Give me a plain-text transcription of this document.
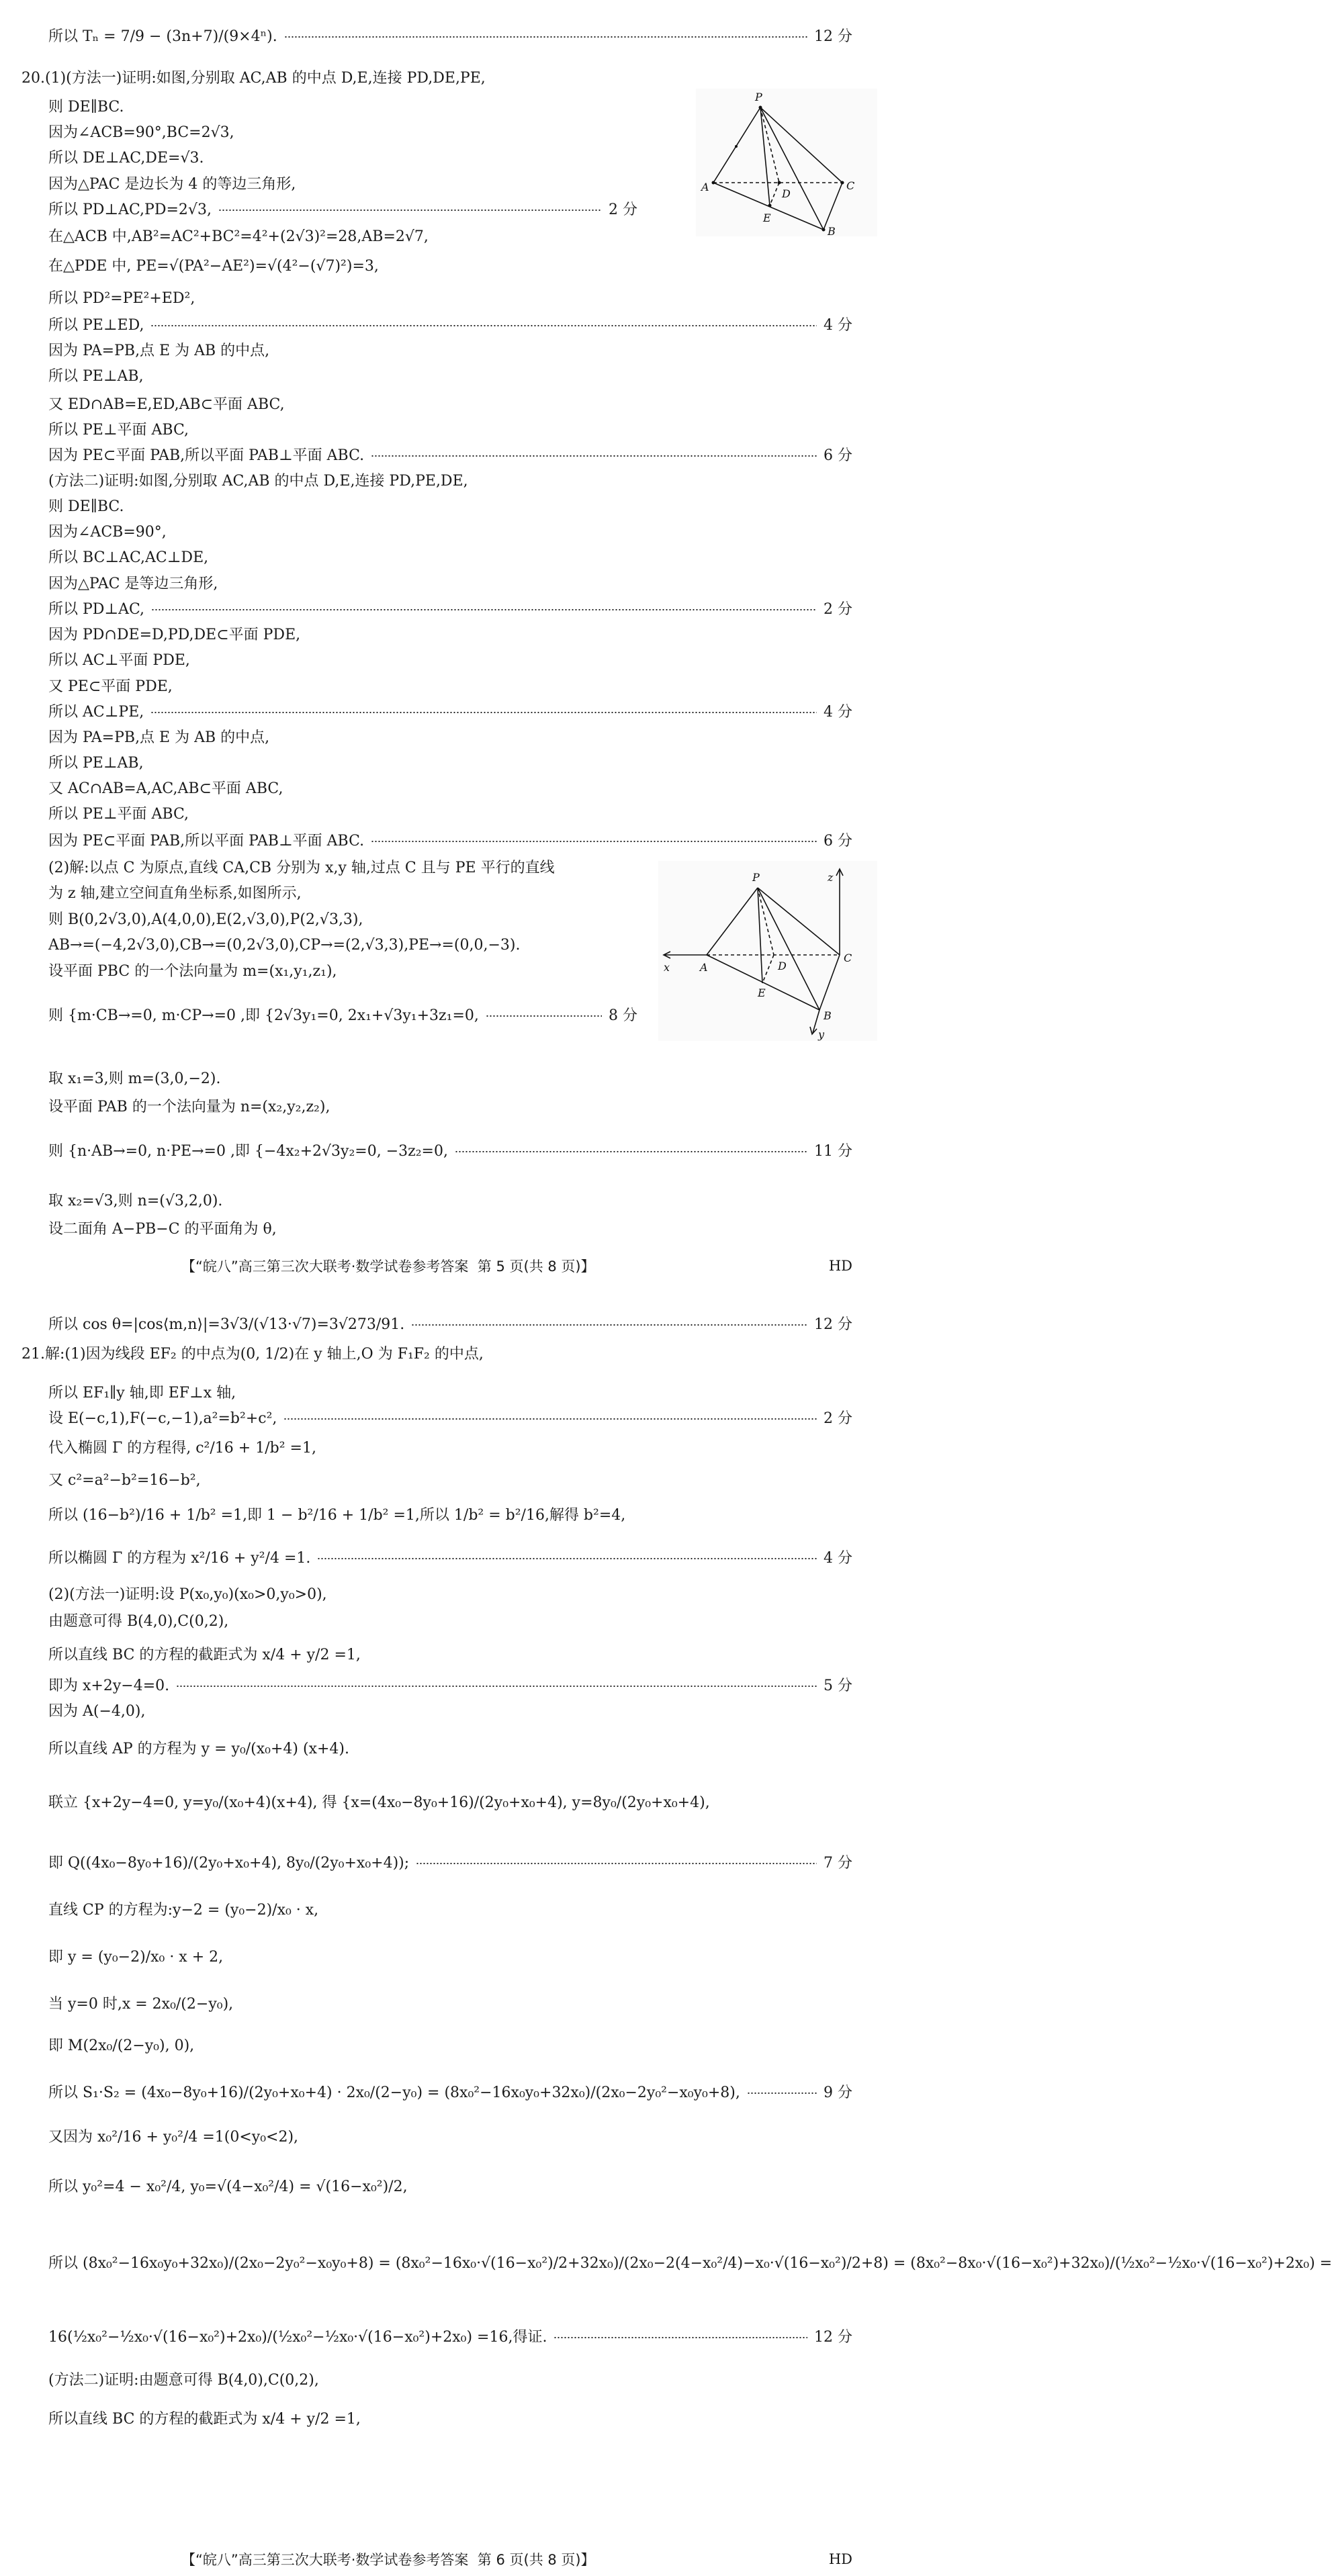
所以 Tₙ = 7/9 − (3n+7)/(9×4ⁿ).	12 分
20. (1)(方法一)证明:如图,分别取 AC,AB 的中点 D,E,连接 PD,DE,PE,
则 DE∥BC.
因为∠ACB=90°,BC=2√3,
所以 DE⊥AC,DE=√3.
因为△PAC 是边长为 4 的等边三角形,
所以 PD⊥AC,PD=2√3,	2 分
在△ACB 中,AB²=AC²+BC²=4²+(2√3)²=28,AB=2√7,
在△PDE 中, PE=√(PA²−AE²)=√(4²−(√7)²)=3,
所以 PD²=PE²+ED²,
所以 PE⊥ED,	4 分
因为 PA=PB,点 E 为 AB 的中点,
所以 PE⊥AB,
又 ED∩AB=E,ED,AB⊂平面 ABC,
所以 PE⊥平面 ABC,
因为 PE⊂平面 PAB,所以平面 PAB⊥平面 ABC.	6 分
(方法二)证明:如图,分别取 AC,AB 的中点 D,E,连接 PD,PE,DE,
则 DE∥BC.
因为∠ACB=90°,
所以 BC⊥AC,AC⊥DE,
因为△PAC 是等边三角形,
所以 PD⊥AC,	2 分
因为 PD∩DE=D,PD,DE⊂平面 PDE,
所以 AC⊥平面 PDE,
又 PE⊂平面 PDE,
所以 AC⊥PE,	4 分
因为 PA=PB,点 E 为 AB 的中点,
所以 PE⊥AB,
又 AC∩AB=A,AC,AB⊂平面 ABC,
所以 PE⊥平面 ABC,
因为 PE⊂平面 PAB,所以平面 PAB⊥平面 ABC.	6 分
(2)解:以点 C 为原点,直线 CA,CB 分别为 x,y 轴,过点 C 且与 PE 平行的直线
为 z 轴,建立空间直角坐标系,如图所示,
则 B(0,2√3,0),A(4,0,0),E(2,√3,0),P(2,√3,3),
AB→=(−4,2√3,0),CB→=(0,2√3,0),CP→=(2,√3,3),PE→=(0,0,−3).
设平面 PBC 的一个法向量为 m=(x₁,y₁,z₁),
则 {m·CB→=0, m·CP→=0 ,即 {2√3y₁=0, 2x₁+√3y₁+3z₁=0,	8 分
取 x₁=3,则 m=(3,0,−2).
设平面 PAB 的一个法向量为 n=(x₂,y₂,z₂),
则 {n·AB→=0, n·PE→=0 ,即 {−4x₂+2√3y₂=0, −3z₂=0,	11 分
取 x₂=√3,则 n=(√3,2,0).
设二面角 A−PB−C 的平面角为 θ,
所以 cos θ=|cos⟨m,n⟩|=3√3/(√13·√7)=3√273/91.	12 分
P
A	C
D
E
B
P
A
C
D
E
B
x
y
z
【“皖八”高三第三次大联考·数学试卷参考答案 第 5 页(共 8 页)】	HD
21. 解:(1)因为线段 EF₂ 的中点为(0, 1/2)在 y 轴上,O 为 F₁F₂ 的中点,
所以 EF₁∥y 轴,即 EF⊥x 轴,
设 E(−c,1),F(−c,−1),a²=b²+c²,	2 分
代入椭圆 Γ 的方程得, c²/16 + 1/b² =1,
又 c²=a²−b²=16−b²,
所以 (16−b²)/16 + 1/b² =1,即 1 − b²/16 + 1/b² =1,所以 1/b² = b²/16,解得 b²=4,
所以椭圆 Γ 的方程为 x²/16 + y²/4 =1.	4 分
(2)(方法一)证明:设 P(x₀,y₀)(x₀>0,y₀>0),
由题意可得 B(4,0),C(0,2),
所以直线 BC 的方程的截距式为 x/4 + y/2 =1,
即为 x+2y−4=0.	5 分
因为 A(−4,0),
所以直线 AP 的方程为 y = y₀/(x₀+4) (x+4).
联立 {x+2y−4=0, y=y₀/(x₀+4)(x+4), 得 {x=(4x₀−8y₀+16)/(2y₀+x₀+4), y=8y₀/(2y₀+x₀+4),
即 Q((4x₀−8y₀+16)/(2y₀+x₀+4), 8y₀/(2y₀+x₀+4));	7 分
直线 CP 的方程为:y−2 = (y₀−2)/x₀ · x,
即 y = (y₀−2)/x₀ · x + 2,
当 y=0 时,x = 2x₀/(2−y₀),
即 M(2x₀/(2−y₀), 0),
所以 S₁·S₂ = (4x₀−8y₀+16)/(2y₀+x₀+4) · 2x₀/(2−y₀) = (8x₀²−16x₀y₀+32x₀)/(2x₀−2y₀²−x₀y₀+8),	9 分
又因为 x₀²/16 + y₀²/4 =1(0<y₀<2),
所以 y₀²=4 − x₀²/4, y₀=√(4−x₀²/4) = √(16−x₀²)/2,
所以 (8x₀²−16x₀y₀+32x₀)/(2x₀−2y₀²−x₀y₀+8) = (8x₀²−16x₀·√(16−x₀²)/2+32x₀)/(2x₀−2(4−x₀²/4)−x₀·√(16−x₀²)/2+8) = (8x₀²−8x₀·√(16−x₀²)+32x₀)/(½x₀²−½x₀·√(16−x₀²)+2x₀) =
16(½x₀²−½x₀·√(16−x₀²)+2x₀)/(½x₀²−½x₀·√(16−x₀²)+2x₀) =16,得证.	12 分
(方法二)证明:由题意可得 B(4,0),C(0,2),
所以直线 BC 的方程的截距式为 x/4 + y/2 =1,
【“皖八”高三第三次大联考·数学试卷参考答案 第 6 页(共 8 页)】	HD
